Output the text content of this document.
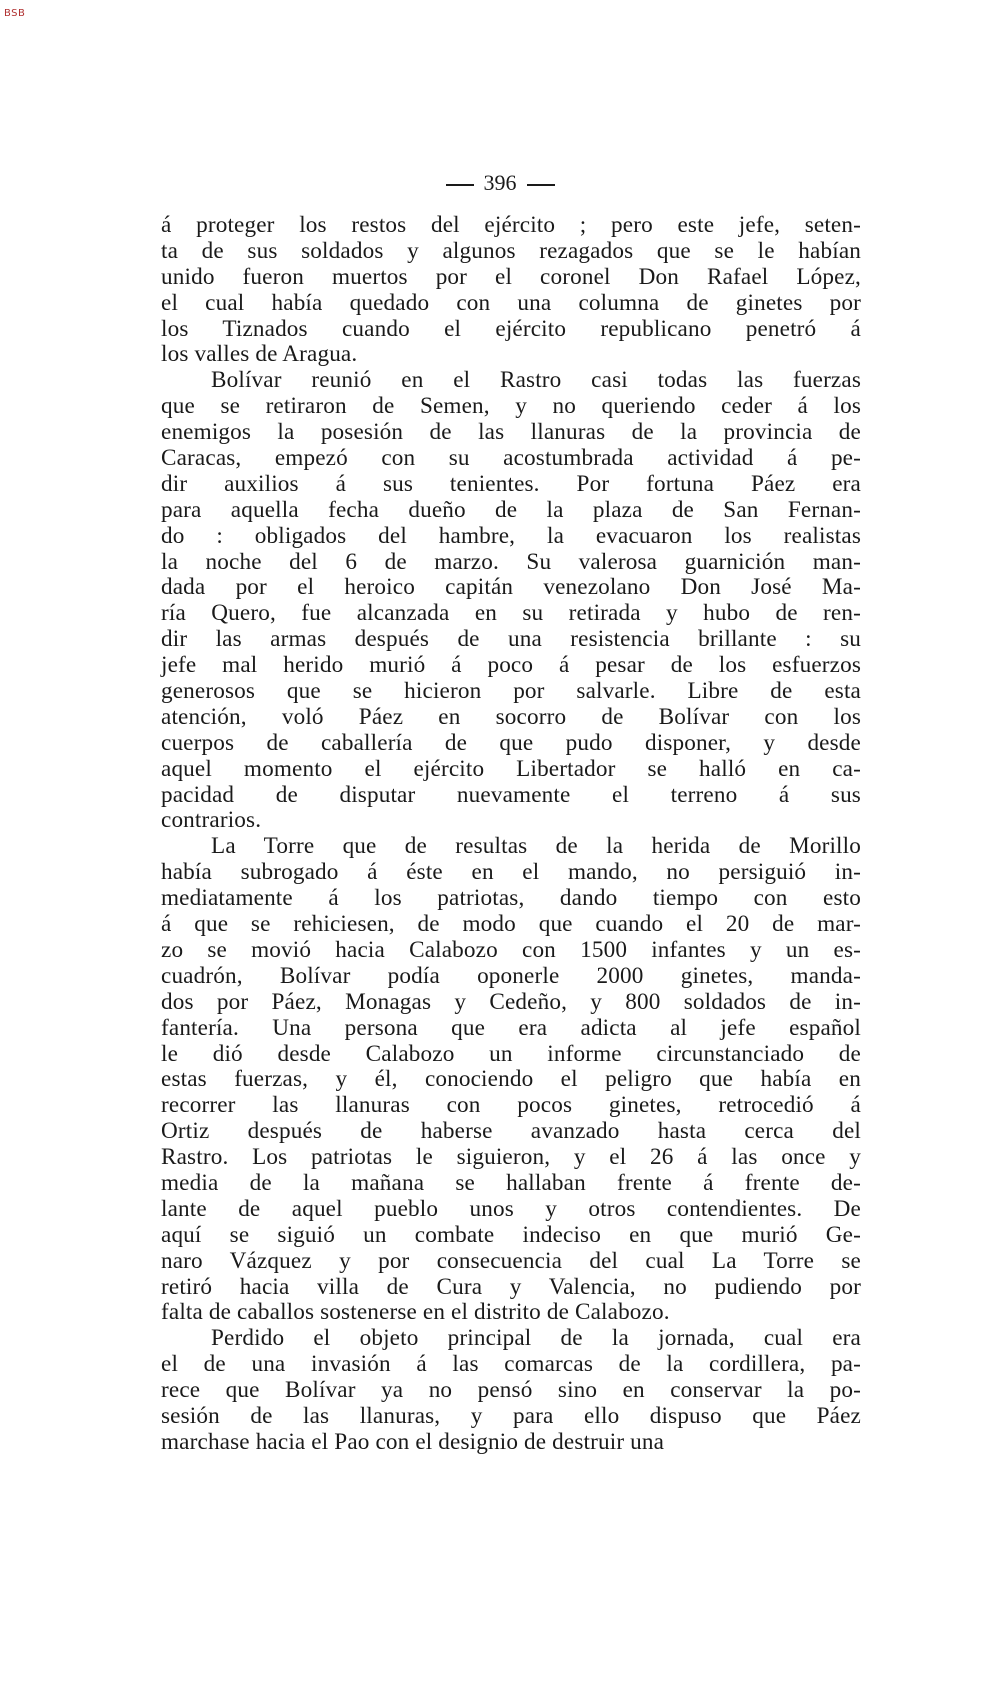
BSB
396
á proteger los restos del ejército ; pero este jefe, seten-
ta de sus soldados y algunos rezagados que se le habían
unido fueron muertos por el coronel Don Rafael López,
el cual había quedado con una columna de ginetes por
los Tiznados cuando el ejército republicano penetró á
los valles de Aragua.
Bolívar reunió en el Rastro casi todas las fuerzas
que se retiraron de Semen, y no queriendo ceder á los
enemigos la posesión de las llanuras de la provincia de
Caracas, empezó con su acostumbrada actividad á pe-
dir auxilios á sus tenientes. Por fortuna Páez era
para aquella fecha dueño de la plaza de San Fernan-
do : obligados del hambre, la evacuaron los realistas
la noche del 6 de marzo. Su valerosa guarnición man-
dada por el heroico capitán venezolano Don José Ma-
ría Quero, fue alcanzada en su retirada y hubo de ren-
dir las armas después de una resistencia brillante : su
jefe mal herido murió á poco á pesar de los esfuerzos
generosos que se hicieron por salvarle. Libre de esta
atención, voló Páez en socorro de Bolívar con los
cuerpos de caballería de que pudo disponer, y desde
aquel momento el ejército Libertador se halló en ca-
pacidad de disputar nuevamente el terreno á sus
contrarios.
La Torre que de resultas de la herida de Morillo
había subrogado á éste en el mando, no persiguió in-
mediatamente á los patriotas, dando tiempo con esto
á que se rehiciesen, de modo que cuando el 20 de mar-
zo se movió hacia Calabozo con 1500 infantes y un es-
cuadrón, Bolívar podía oponerle 2000 ginetes, manda-
dos por Páez, Monagas y Cedeño, y 800 soldados de in-
fantería. Una persona que era adicta al jefe español
le dió desde Calabozo un informe circunstanciado de
estas fuerzas, y él, conociendo el peligro que había en
recorrer las llanuras con pocos ginetes, retrocedió á
Ortiz después de haberse avanzado hasta cerca del
Rastro. Los patriotas le siguieron, y el 26 á las once y
media de la mañana se hallaban frente á frente de-
lante de aquel pueblo unos y otros contendientes. De
aquí se siguió un combate indeciso en que murió Ge-
naro Vázquez y por consecuencia del cual La Torre se
retiró hacia villa de Cura y Valencia, no pudiendo por
falta de caballos sostenerse en el distrito de Calabozo.
Perdido el objeto principal de la jornada, cual era
el de una invasión á las comarcas de la cordillera, pa-
rece que Bolívar ya no pensó sino en conservar la po-
sesión de las llanuras, y para ello dispuso que Páez
marchase hacia el Pao con el designio de destruir una
